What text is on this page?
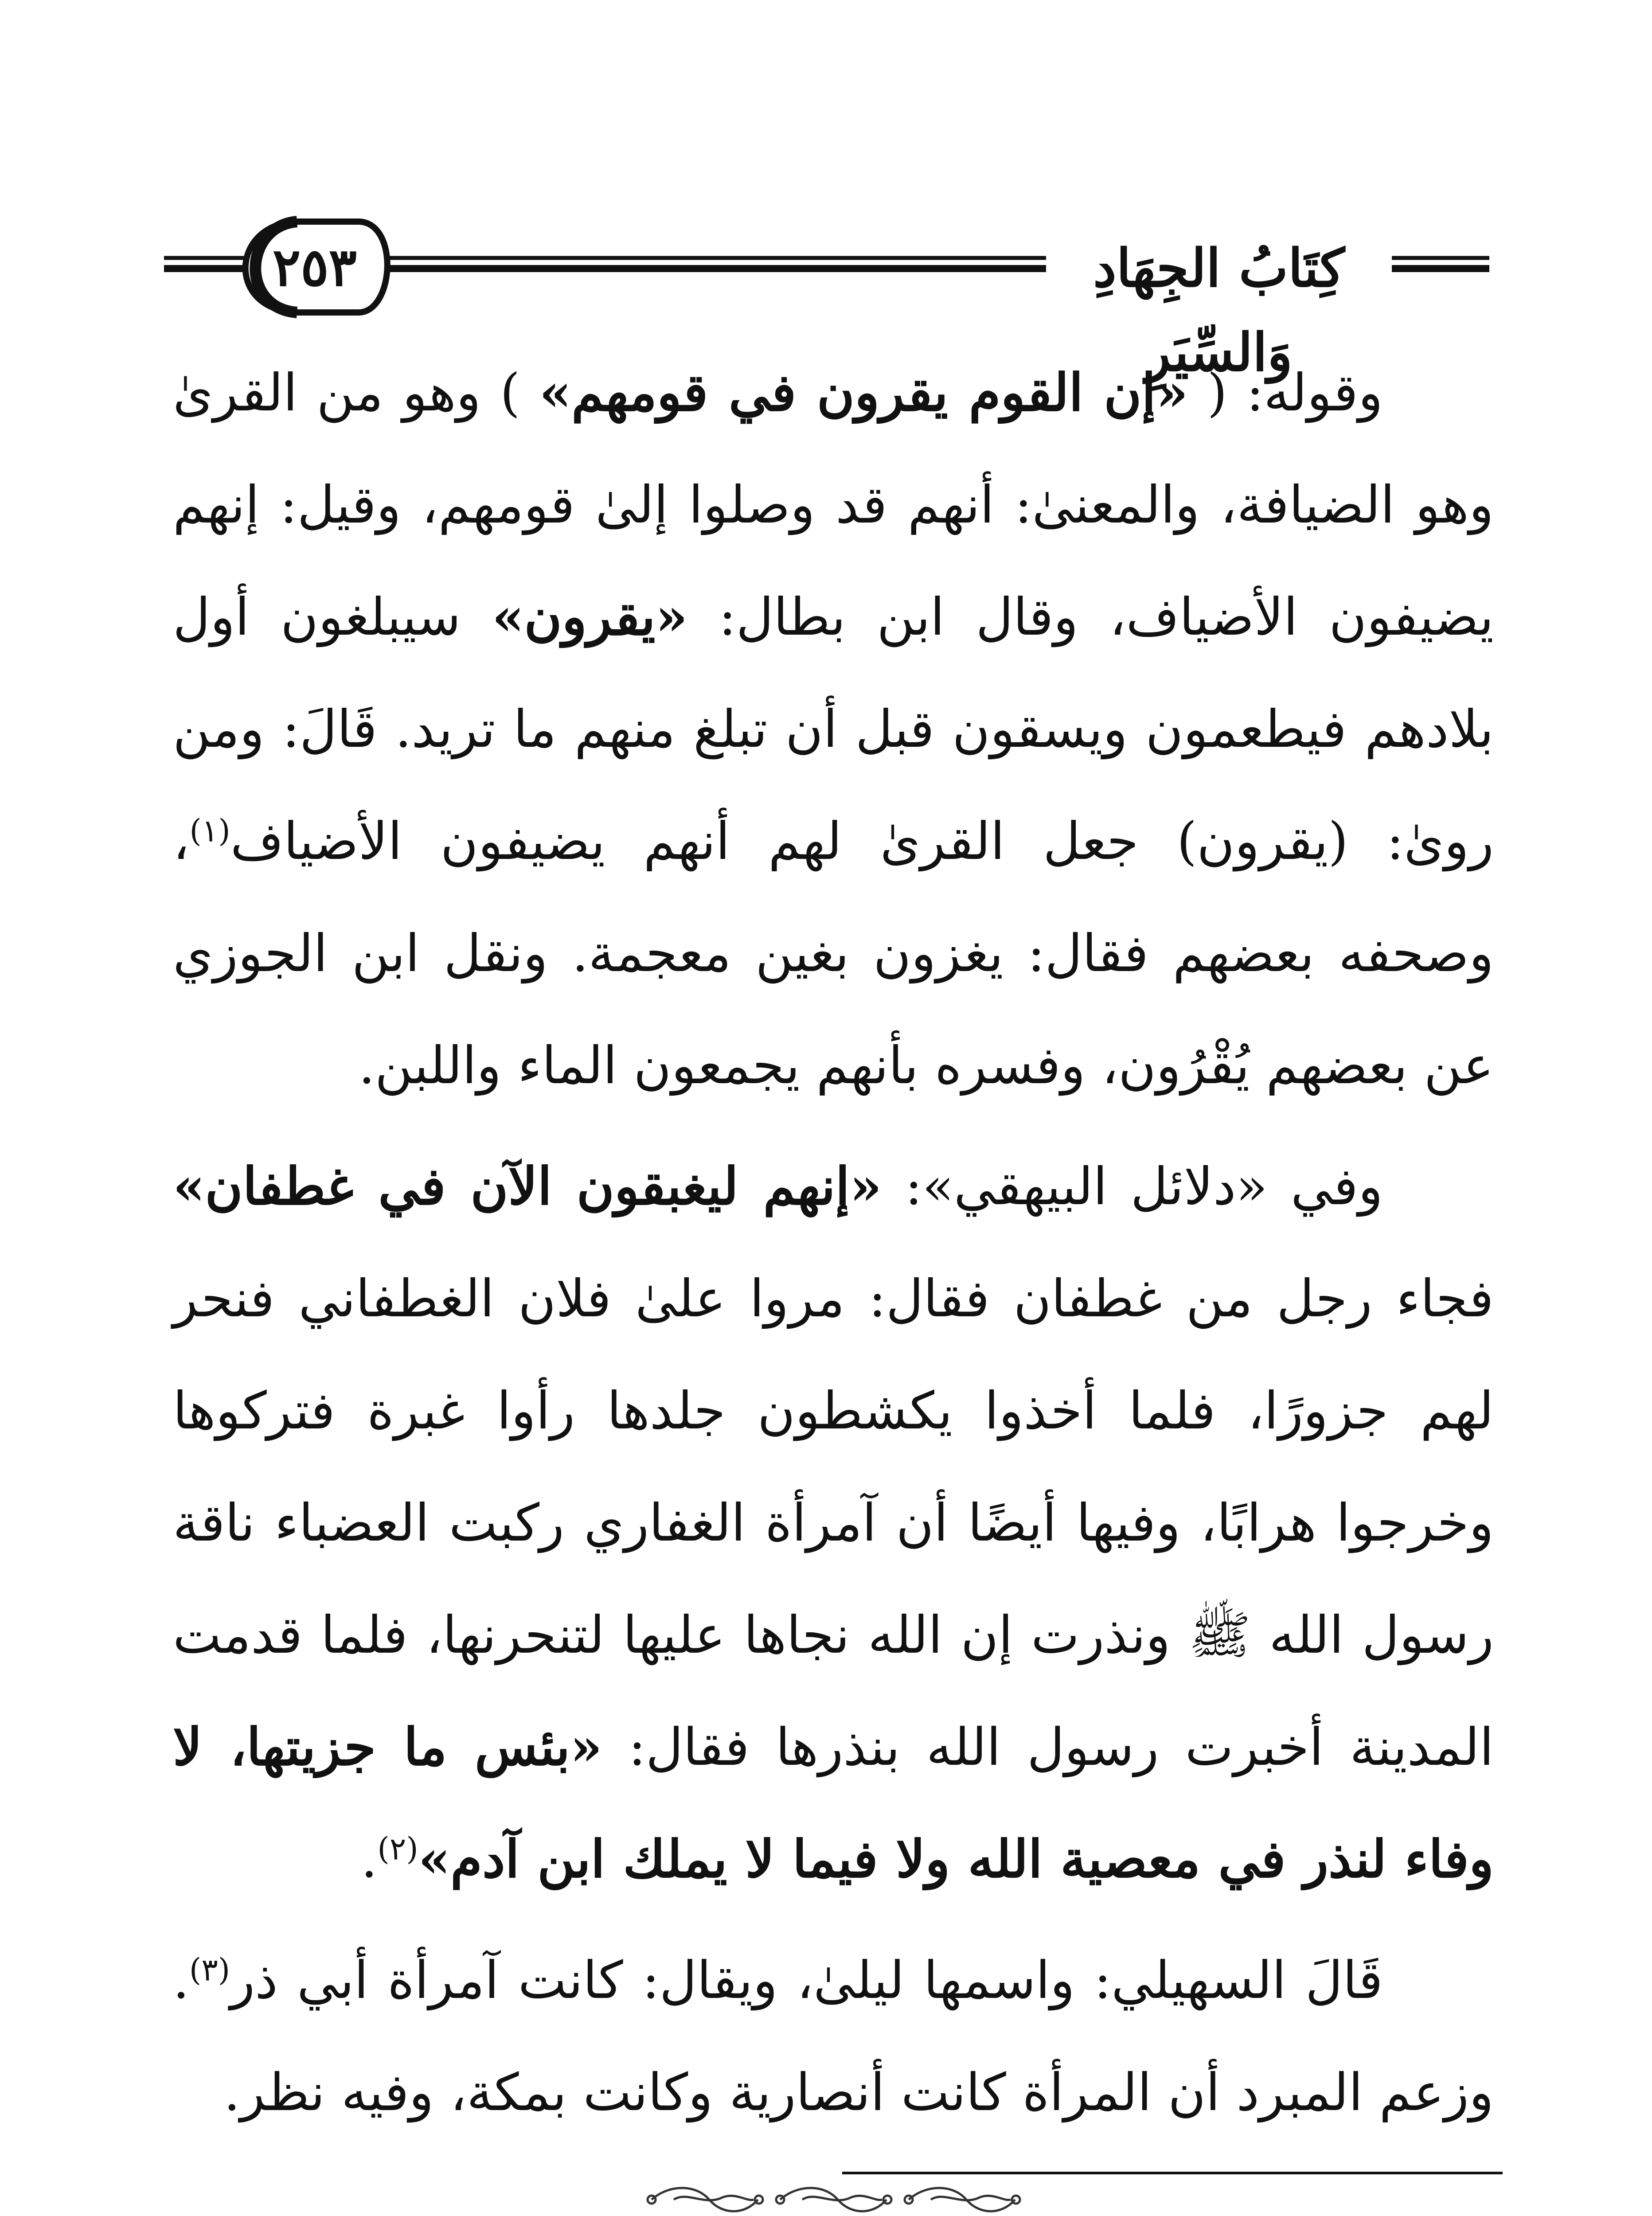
٢٥٣	كِتَابُ الجِهَادِ وَالسِّيَرِ

وقوله: ( «إن القوم يقرون في قومهم» ) وهو من القرىٰ وهو الضيافة، والمعنىٰ: أنهم قد وصلوا إلىٰ قومهم، وقيل: إنهم يضيفون الأضياف، وقال ابن بطال: «يقرون» سيبلغون أول بلادهم فيطعمون ويسقون قبل أن تبلغ منهم ما تريد. قَالَ: ومن روىٰ: (يقرون) جعل القرىٰ لهم أنهم يضيفون الأضياف$^{(١)}$، وصحفه بعضهم فقال: يغزون بغين معجمة. ونقل ابن الجوزي عن بعضهم يُقْرُون، وفسره بأنهم يجمعون الماء واللبن.

وفي «دلائل البيهقي»: «إنهم ليغبقون الآن في غطفان» فجاء رجل من غطفان فقال: مروا علىٰ فلان الغطفاني فنحر لهم جزورًا، فلما أخذوا يكشطون جلدها رأوا غبرة فتركوها وخرجوا هرابًا، وفيها أيضًا أن آمرأة الغفاري ركبت العضباء ناقة رسول الله ﷺ ونذرت إن الله نجاها عليها لتنحرنها، فلما قدمت المدينة أخبرت رسول الله بنذرها فقال: «بئس ما جزيتها، لا وفاء لنذر في معصية الله ولا فيما لا يملك ابن آدم»$^{(٢)}$.

قَالَ السهيلي: واسمها ليلىٰ، ويقال: كانت آمرأة أبي ذر$^{(٣)}$. وزعم المبرد أن المرأة كانت أنصارية وكانت بمكة، وفيه نظر.
